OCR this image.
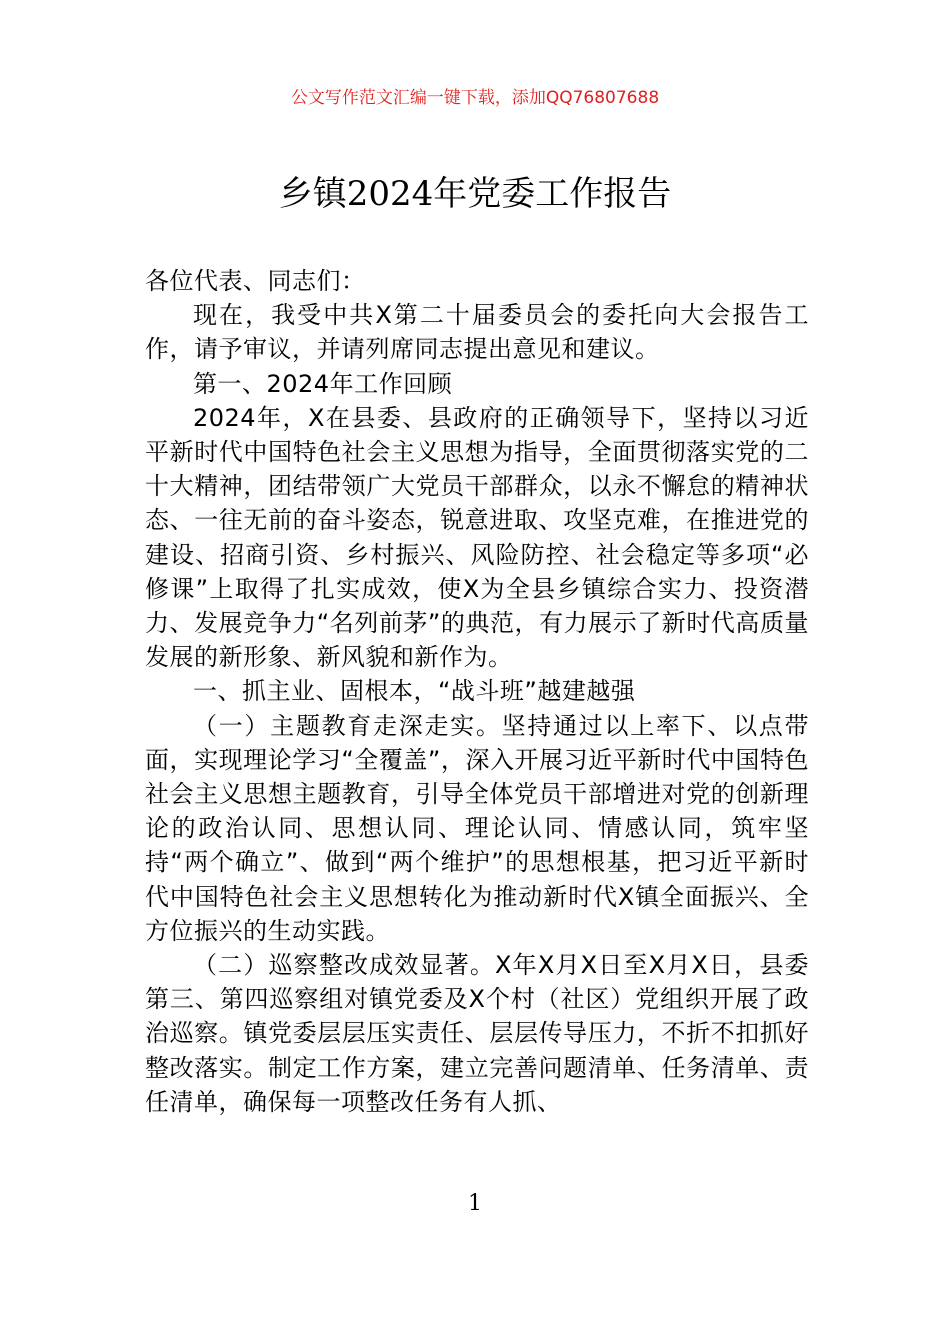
公文写作范文汇编一键下载，添加QQ76807688
乡镇2024年党委工作报告

各位代表、同志们：

现在，我受中共X第二十届委员会的委托向大会报告工作，请予审议，并请列席同志提出意见和建议。

第一、2024年工作回顾

2024年，X在县委、县政府的正确领导下，坚持以习近平新时代中国特色社会主义思想为指导，全面贯彻落实党的二十大精神，团结带领广大党员干部群众，以永不懈怠的精神状态、一往无前的奋斗姿态，锐意进取、攻坚克难，在推进党的建设、招商引资、乡村振兴、风险防控、社会稳定等多项“必修课”上取得了扎实成效，使X为全县乡镇综合实力、投资潜力、发展竞争力“名列前茅”的典范，有力展示了新时代高质量发展的新形象、新风貌和新作为。

一、抓主业、固根本，“战斗班”越建越强

（一）主题教育走深走实。坚持通过以上率下、以点带面，实现理论学习“全覆盖”，深入开展习近平新时代中国特色社会主义思想主题教育，引导全体党员干部增进对党的创新理论的政治认同、思想认同、理论认同、情感认同，筑牢坚持“两个确立”、做到“两个维护”的思想根基，把习近平新时代中国特色社会主义思想转化为推动新时代X镇全面振兴、全方位振兴的生动实践。

（二）巡察整改成效显著。X年X月X日至X月X日，县委第三、第四巡察组对镇党委及X个村（社区）党组织开展了政治巡察。镇党委层层压实责任、层层传导压力，不折不扣抓好整改落实。制定工作方案，建立完善问题清单、任务清单、责任清单，确保每一项整改任务有人抓、

1
